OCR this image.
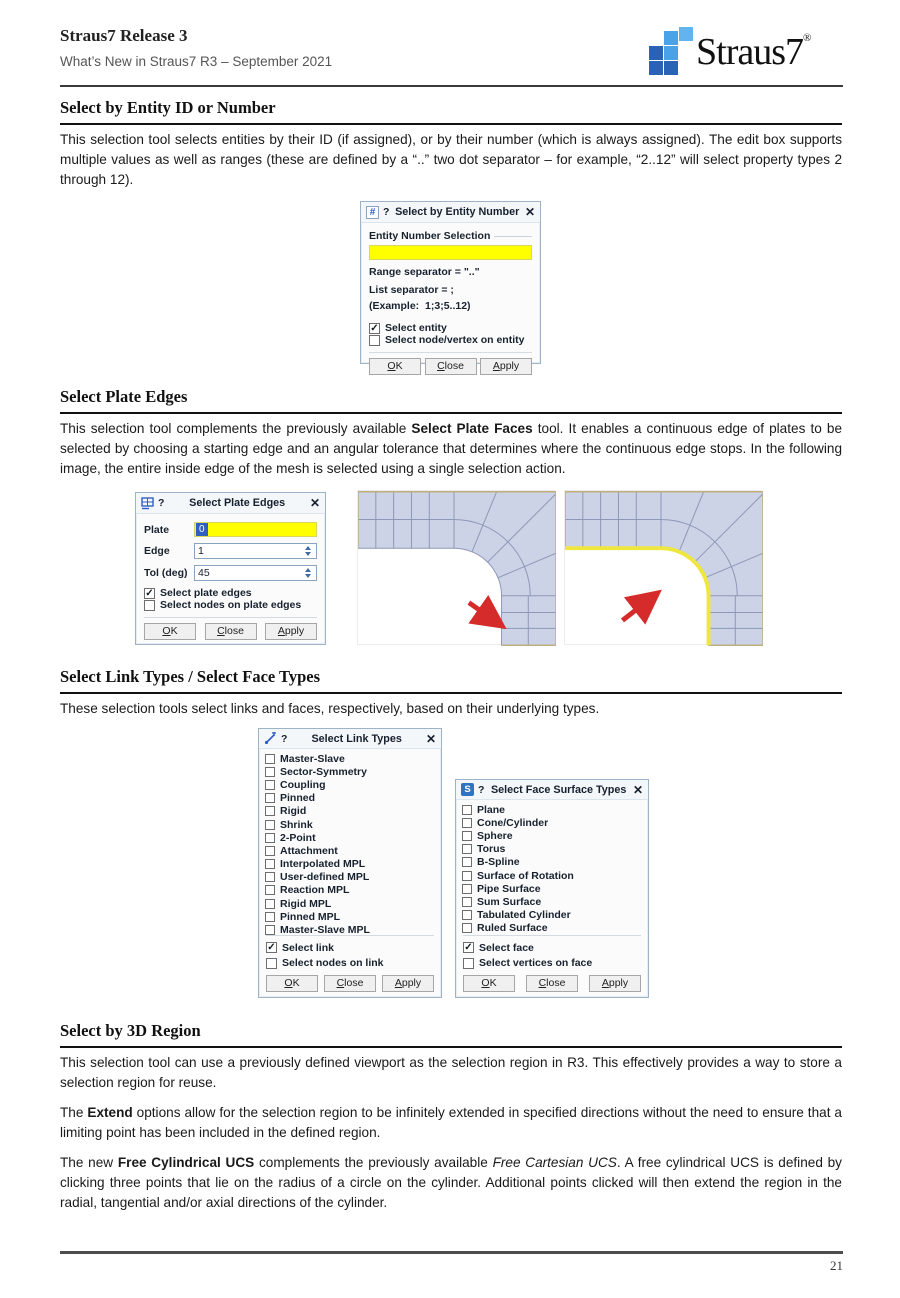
Straus7 Release 3
What’s New in Straus7 R3 – September 2021	Straus7®
Select by Entity ID or Number
This selection tool selects entities by their ID (if assigned), or by their number (which is always assigned). The edit box supports multiple values as well as ranges (these are defined by a “..” two dot separator – for example, “2..12” will select property types 2 through 12).
# ? Select by Entity Number ✕
Entity Number Selection
Range separator = ".."
List separator = ;
(Example:  1;3;5..12)
✓ Select entity
Select node/vertex on entity
OK	Close	Apply
Select Plate Edges
This selection tool complements the previously available Select Plate Faces tool. It enables a continuous edge of plates to be selected by choosing a starting edge and an angular tolerance that determines where the continuous edge stops. In the following image, the entire inside edge of the mesh is selected using a single selection action.
?	Select Plate Edges	✕
Plate	0
Edge	1
Tol (deg) 45
✓ Select plate edges
Select nodes on plate edges
OK	Close	Apply
Select Link Types / Select Face Types
These selection tools select links and faces, respectively, based on their underlying types.
?	Select Link Types	✕
Master-Slave
Sector-Symmetry
Coupling
Pinned
Rigid
Shrink
2-Point
Attachment
Interpolated MPL
User-defined MPL
Reaction MPL
Rigid MPL
Pinned MPL
Master-Slave MPL
✓ Select link
Select nodes on link
OK	Close	Apply
S ? Select Face Surface Types ✕
Plane
Cone/Cylinder
Sphere
Torus
B-Spline
Surface of Rotation
Pipe Surface
Sum Surface
Tabulated Cylinder
Ruled Surface
✓ Select face
Select vertices on face
OK	Close	Apply
Select by 3D Region
This selection tool can use a previously defined viewport as the selection region in R3. This effectively provides a way to store a selection region for reuse.
The Extend options allow for the selection region to be infinitely extended in specified directions without the need to ensure that a limiting point has been included in the defined region.
The new Free Cylindrical UCS complements the previously available Free Cartesian UCS. A free cylindrical UCS is defined by clicking three points that lie on the radius of a circle on the cylinder. Additional points clicked will then extend the region in the radial, tangential and/or axial directions of the cylinder.
21
